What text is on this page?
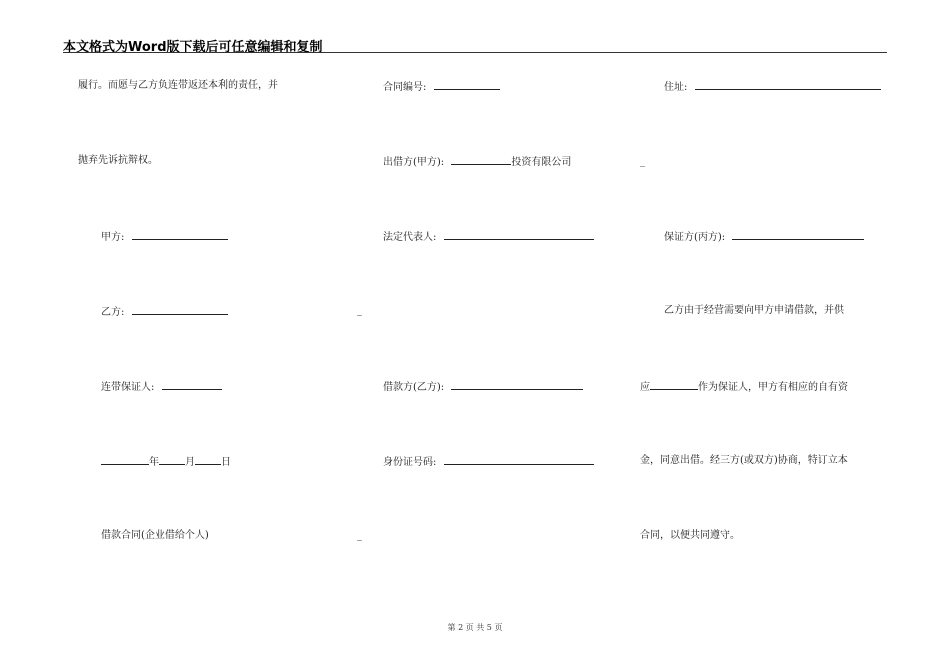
本文格式为Word版下载后可任意编辑和复制
履行。而愿与乙方负连带返还本利的责任，并
抛弃先诉抗辩权。
甲方:
乙方:	_
连带保证人:
年	月	日
借款合同(企业借给个人)	_
合同编号:
出借方(甲方):	投资有限公司
法定代表人:
借款方(乙方):
身份证号码:
住址:
_
保证方(丙方):
乙方由于经营需要向甲方申请借款，并供
应	作为保证人，甲方有相应的自有资
金，同意出借。经三方(或双方)协商，特订立本
合同，以便共同遵守。
第 2 页 共 5 页
